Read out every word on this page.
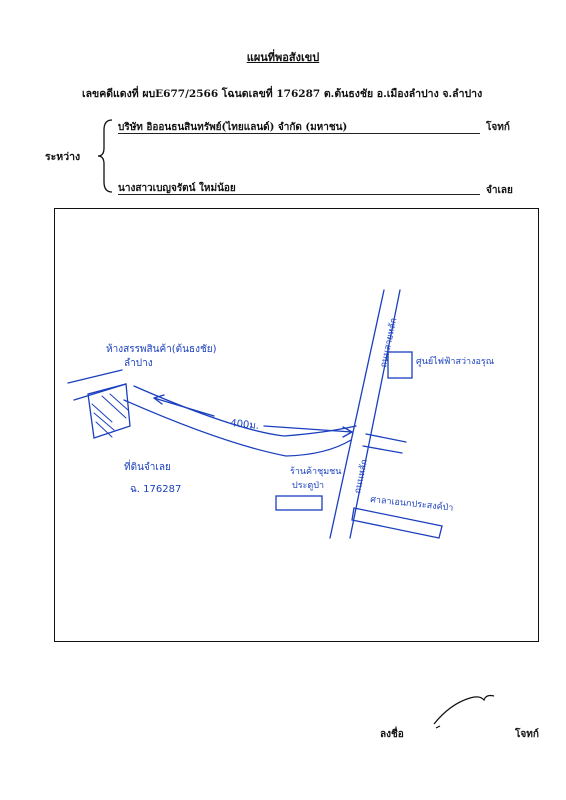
แผนที่พอสังเขป
เลขคดีแดงที่ ผบE677/2566 โฉนดเลขที่ 176287 ต.ต้นธงชัย อ.เมืองลำปาง จ.ลำปาง
ระหว่าง
บริษัท อิออนธนสินทรัพย์(ไทยแลนด์) จำกัด (มหาชน)	โจทก์
นางสาวเบญจรัตน์ ใหม่น้อย	จำเลย
ห้างสรรพสินค้า(ต้นธงชัย)
ลำปาง
400ม.
ศูนย์ไฟฟ้าสว่างอรุณ
ถนนสายหลัก
ร้านค้าชุมชน
ประตูป่า	ถนนหลัก
ศาลาเอนกประสงค์ป่า
ที่ดินจำเลย
ฉ. 176287
ลงชื่อ	โจทก์
